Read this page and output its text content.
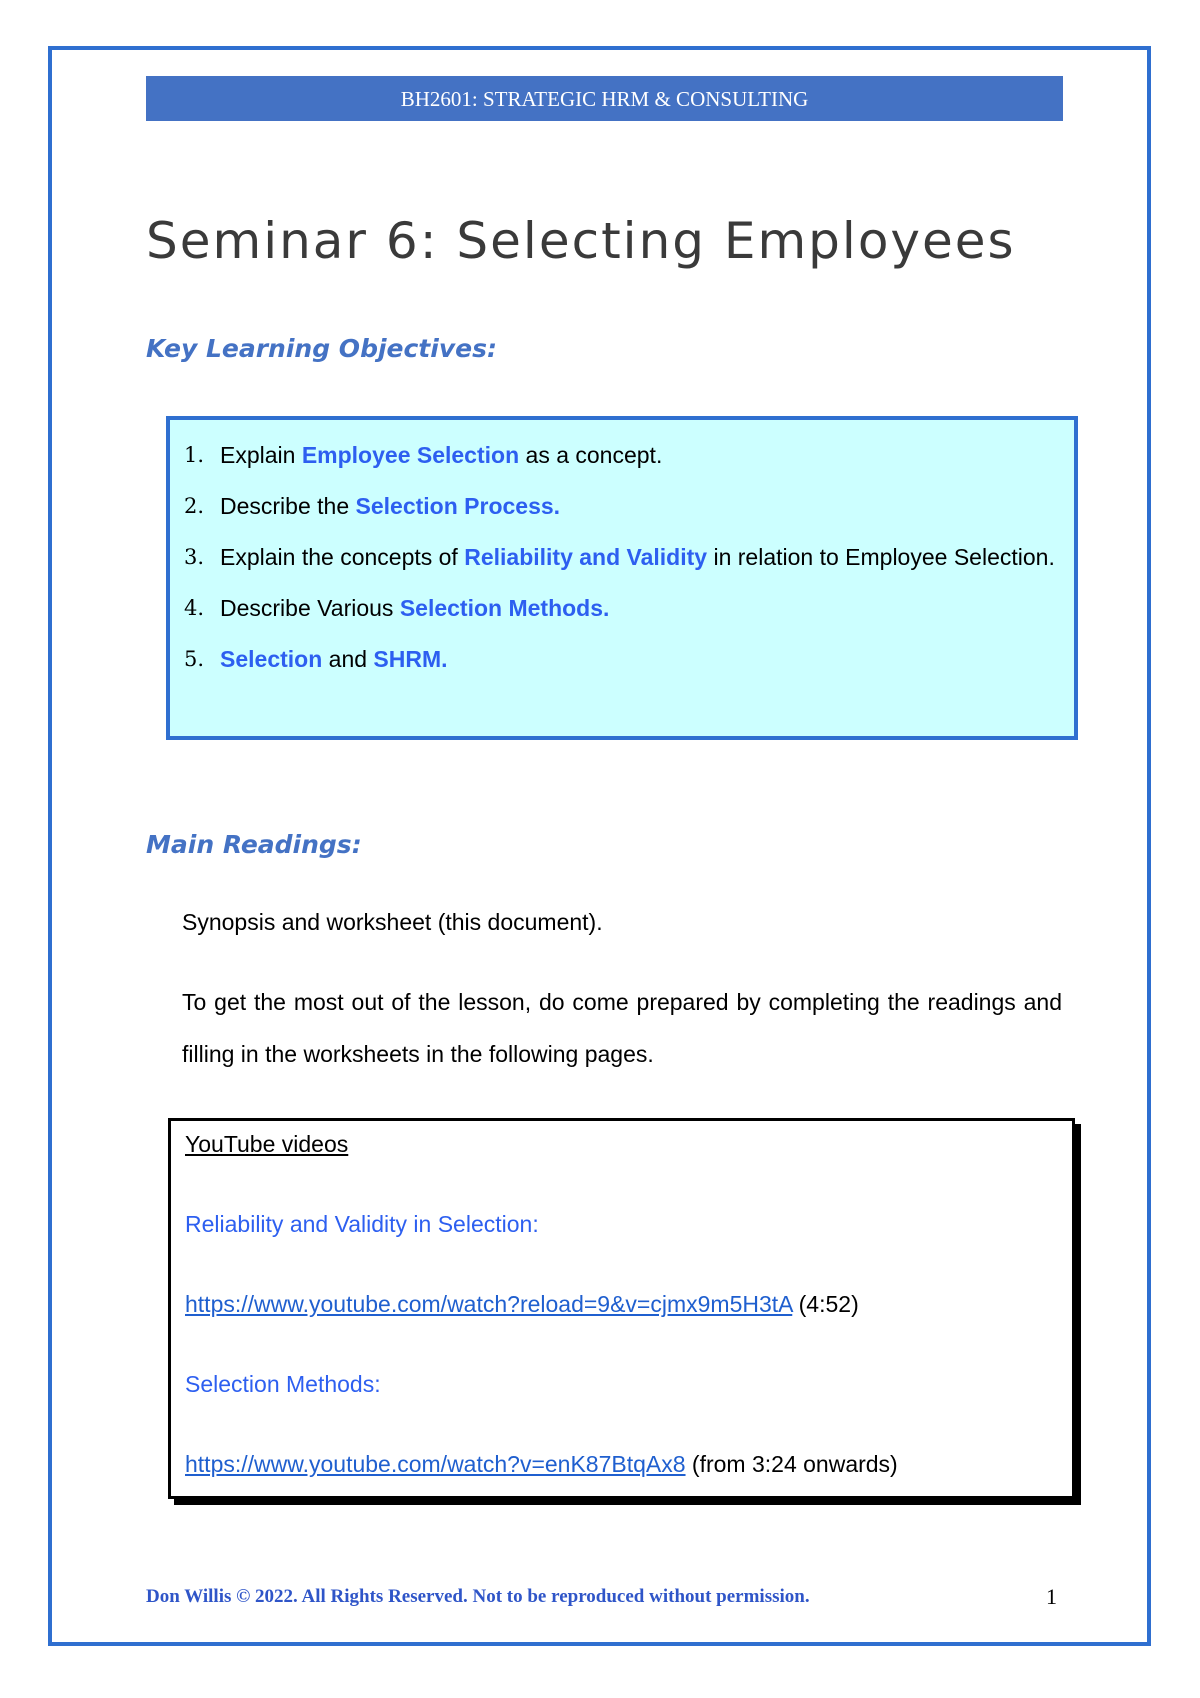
BH2601: STRATEGIC HRM & CONSULTING
Seminar 6: Selecting Employees
Key Learning Objectives:
1. Explain Employee Selection as a concept.
2. Describe the Selection Process.
3. Explain the concepts of Reliability and Validity in relation to Employee Selection.
4. Describe Various Selection Methods.
5. Selection and SHRM.
Main Readings:

Synopsis and worksheet (this document).

To get the most out of the lesson, do come prepared by completing the readings and filling in the worksheets in the following pages.

YouTube videos

Reliability and Validity in Selection:

https://www.youtube.com/watch?reload=9&v=cjmx9m5H3tA (4:52)

Selection Methods:

https://www.youtube.com/watch?v=enK87BtqAx8 (from 3:24 onwards)

Don Willis © 2022. All Rights Reserved. Not to be reproduced without permission.	1
